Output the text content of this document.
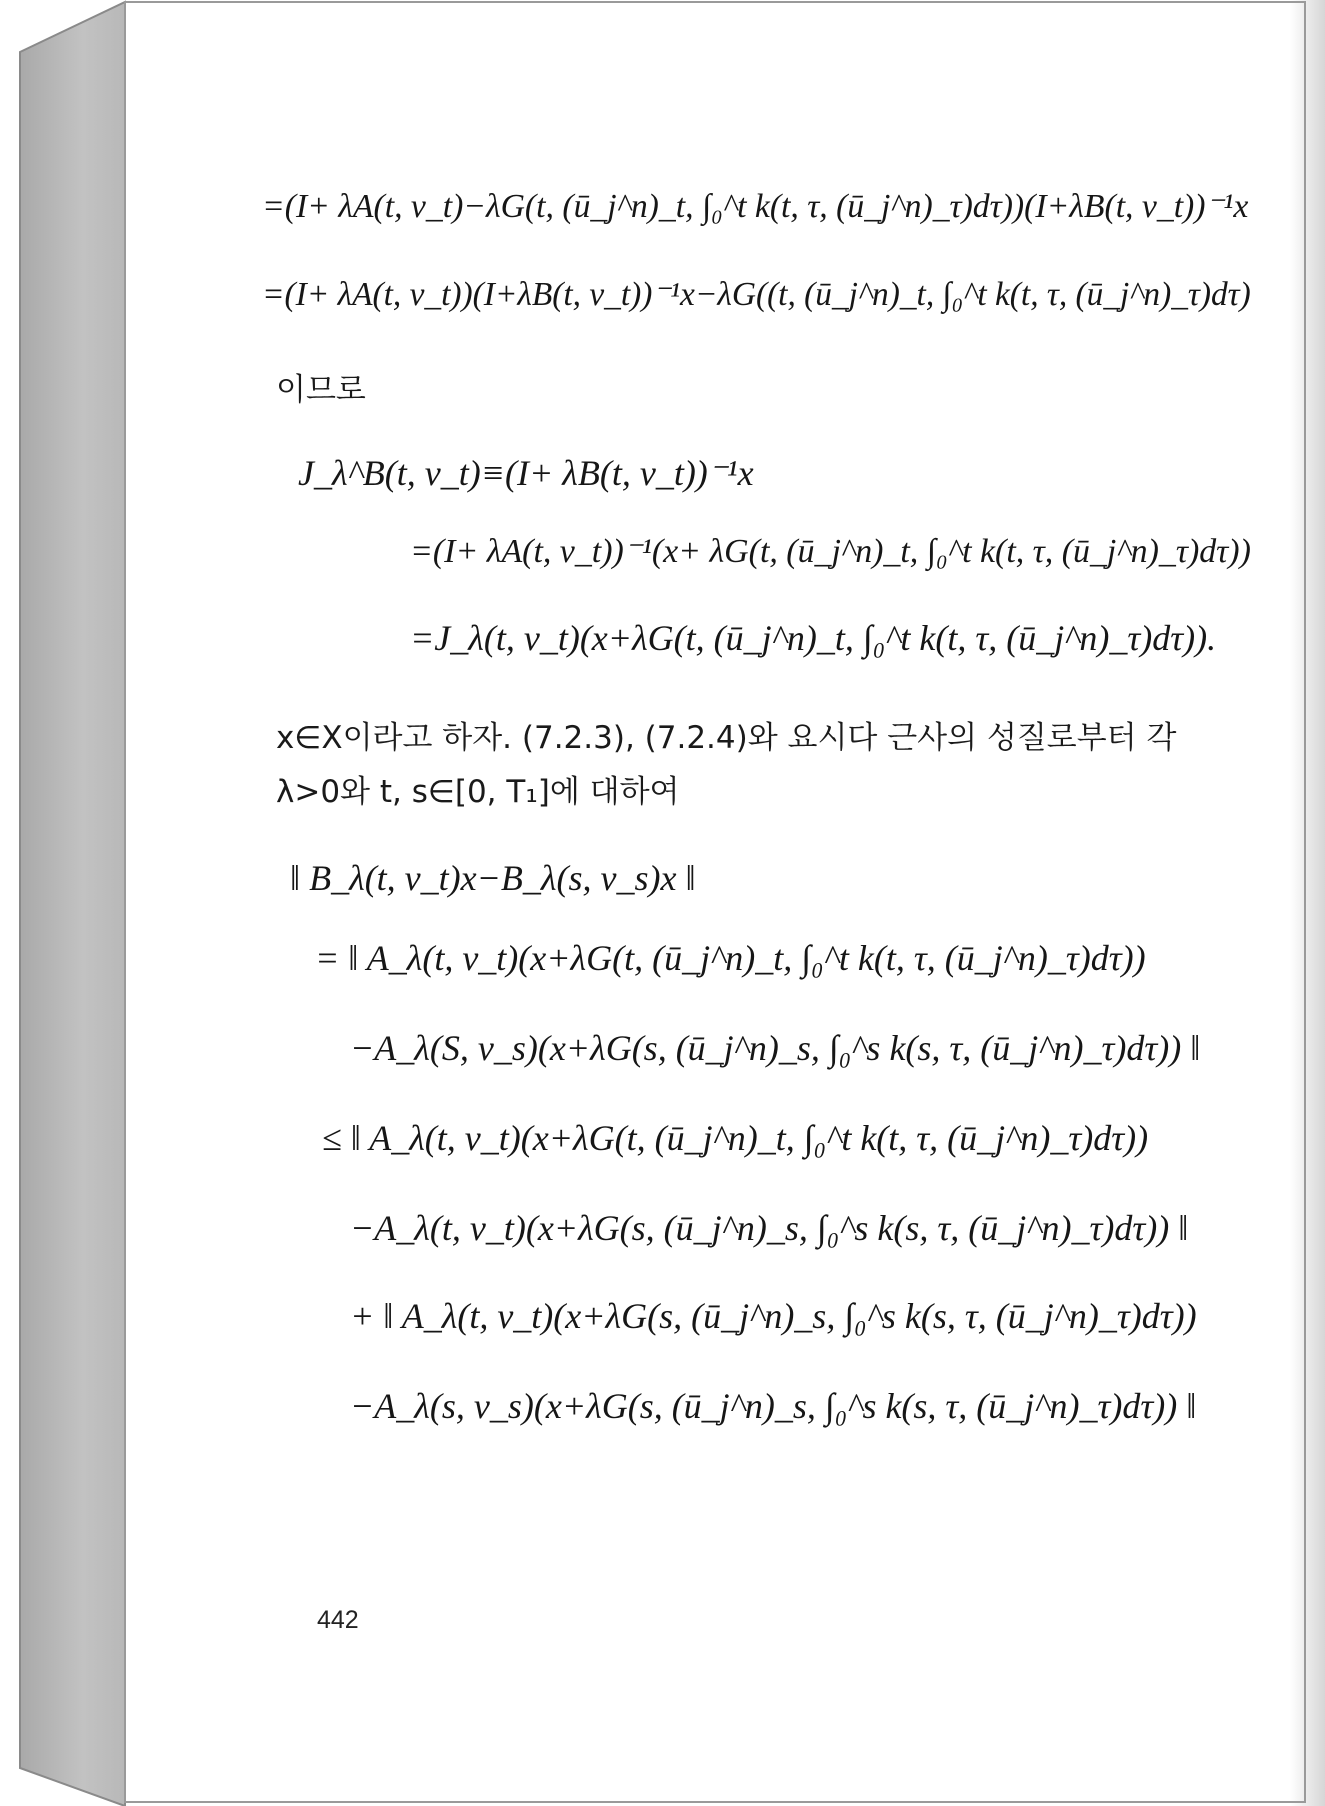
=(I+ λA(t, v_t)−λG(t, (ū_j^n)_t, ∫₀^t k(t, τ, (ū_j^n)_τ)dτ))(I+λB(t, v_t))⁻¹x
=(I+ λA(t, v_t))(I+λB(t, v_t))⁻¹x−λG((t, (ū_j^n)_t, ∫₀^t k(t, τ, (ū_j^n)_τ)dτ)
이므로
J_λ^B(t, v_t)≡(I+ λB(t, v_t))⁻¹x
=(I+ λA(t, v_t))⁻¹(x+ λG(t, (ū_j^n)_t, ∫₀^t k(t, τ, (ū_j^n)_τ)dτ))
=J_λ(t, v_t)(x+λG(t, (ū_j^n)_t, ∫₀^t k(t, τ, (ū_j^n)_τ)dτ)).
x∈X이라고 하자. (7.2.3), (7.2.4)와 요시다 근사의 성질로부터 각
λ>0와 t, s∈[0, T₁]에 대하여
‖ B_λ(t, v_t)x−B_λ(s, v_s)x ‖
= ‖ A_λ(t, v_t)(x+λG(t, (ū_j^n)_t, ∫₀^t k(t, τ, (ū_j^n)_τ)dτ))
−A_λ(S, v_s)(x+λG(s, (ū_j^n)_s, ∫₀^s k(s, τ, (ū_j^n)_τ)dτ)) ‖
≤ ‖ A_λ(t, v_t)(x+λG(t, (ū_j^n)_t, ∫₀^t k(t, τ, (ū_j^n)_τ)dτ))
−A_λ(t, v_t)(x+λG(s, (ū_j^n)_s, ∫₀^s k(s, τ, (ū_j^n)_τ)dτ)) ‖
+ ‖ A_λ(t, v_t)(x+λG(s, (ū_j^n)_s, ∫₀^s k(s, τ, (ū_j^n)_τ)dτ))
−A_λ(s, v_s)(x+λG(s, (ū_j^n)_s, ∫₀^s k(s, τ, (ū_j^n)_τ)dτ)) ‖
442
